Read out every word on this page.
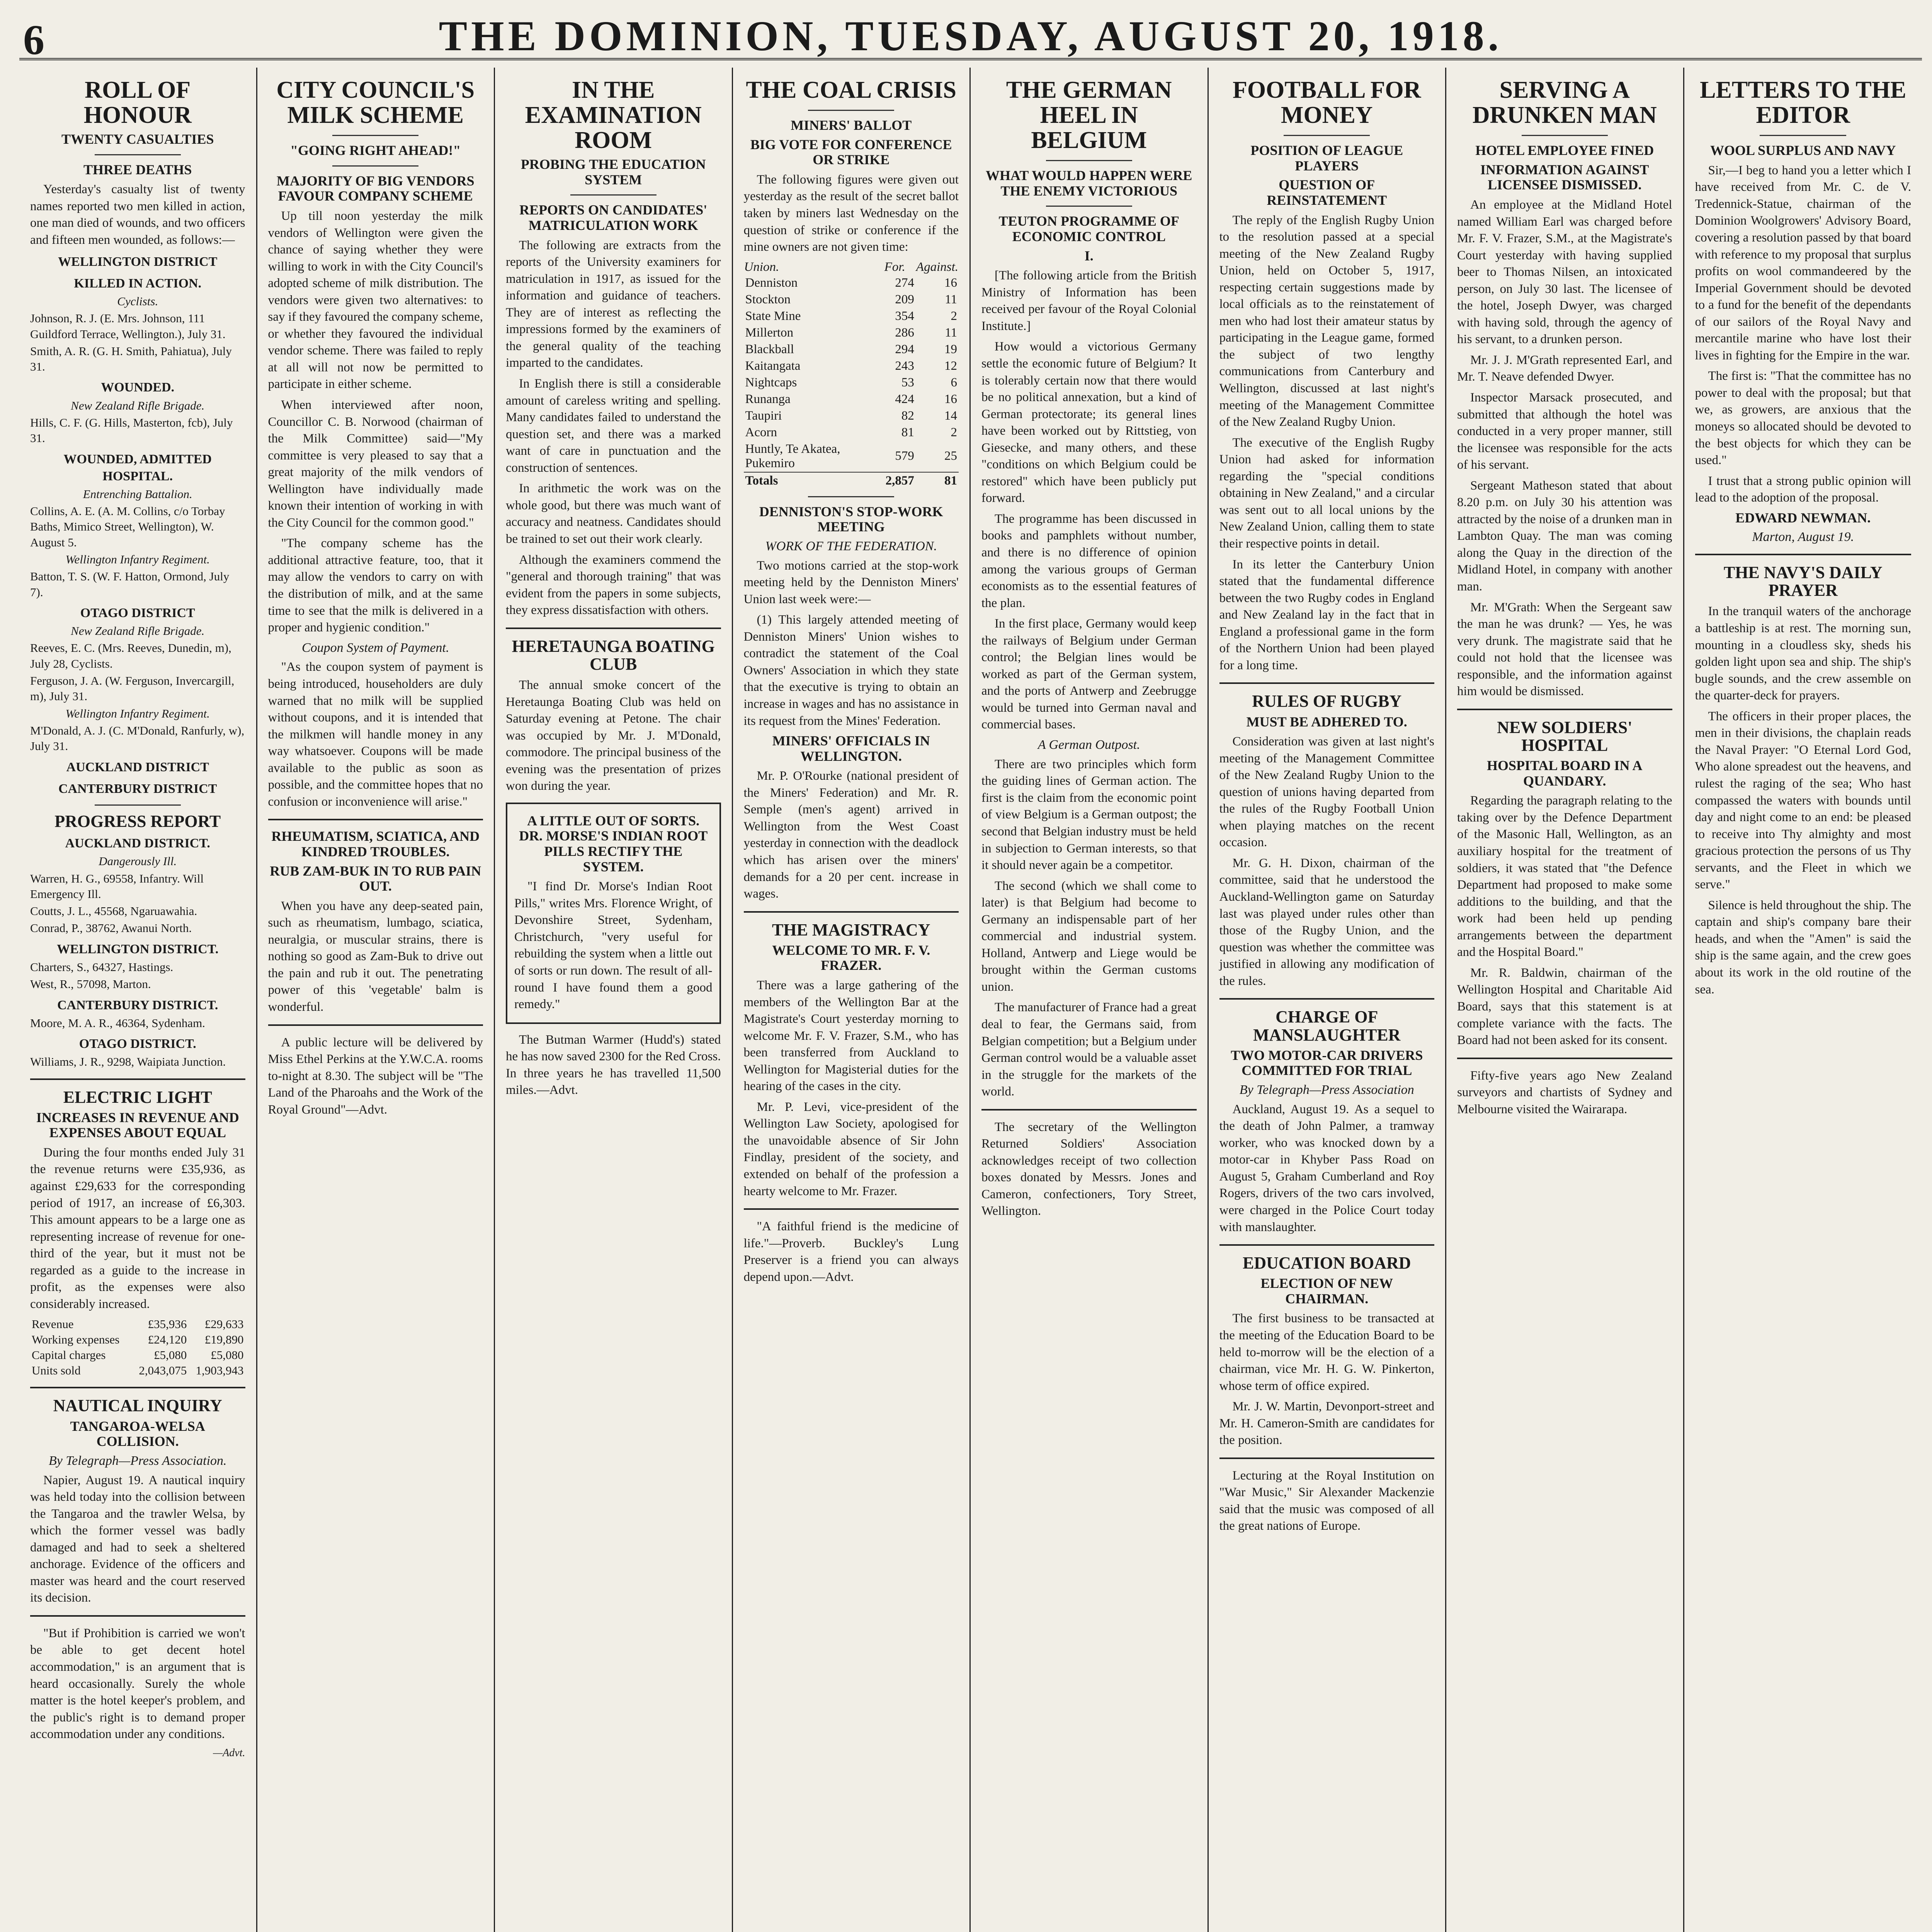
6	THE DOMINION, TUESDAY, AUGUST 20, 1918.
ROLL OF HONOUR
TWENTY CASUALTIES
THREE DEATHS

Yesterday's casualty list of twenty names reported two men killed in action, one man died of wounds, and two officers and fifteen men wounded, as follows:—

WELLINGTON DISTRICT
KILLED IN ACTION.
Cyclists.
Johnson, R. J. (E. Mrs. Johnson, 111 Guildford Terrace, Wellington.), July 31.
Smith, A. R. (G. H. Smith, Pahiatua), July 31.
WOUNDED.
New Zealand Rifle Brigade.
Hills, C. F. (G. Hills, Masterton, fcb), July 31.
WOUNDED, ADMITTED HOSPITAL.
Entrenching Battalion.
Collins, A. E. (A. M. Collins, c/o Torbay Baths, Mimico Street, Wellington), W. August 5.
Wellington Infantry Regiment.
Batton, T. S. (W. F. Hatton, Ormond, July 7).
OTAGO DISTRICT
New Zealand Rifle Brigade.
Reeves, E. C. (Mrs. Reeves, Dunedin, m), July 28, Cyclists.
Ferguson, J. A. (W. Ferguson, Invercargill, m), July 31.
Wellington Infantry Regiment.
M'Donald, A. J. (C. M'Donald, Ranfurly, w), July 31.
AUCKLAND DISTRICT
CANTERBURY DISTRICT
PROGRESS REPORT
AUCKLAND DISTRICT.
Dangerously Ill.
Warren, H. G., 69558, Infantry. Will Emergency Ill.
Coutts, J. L., 45568, Ngaruawahia.
Conrad, P., 38762, Awanui North.
WELLINGTON DISTRICT.
Charters, S., 64327, Hastings.
West, R., 57098, Marton.
CANTERBURY DISTRICT.
Moore, M. A. R., 46364, Sydenham.
OTAGO DISTRICT.
Williams, J. R., 9298, Waipiata Junction.
ELECTRIC LIGHT
INCREASES IN REVENUE AND EXPENSES ABOUT EQUAL

During the four months ended July 31 the revenue returns were £35,936, as against £29,633 for the corresponding period of 1917, an increase of £6,303. This amount appears to be a large one as representing increase of revenue for one-third of the year, but it must not be regarded as a guide to the increase in profit, as the expenses were also considerably increased.

Revenue	£35,936	£29,633
Working expenses	£24,120	£19,890
Capital charges	£5,080	£5,080
Units sold	2,043,075	1,903,943
NAUTICAL INQUIRY
TANGAROA-WELSA COLLISION.
By Telegraph—Press Association.

Napier, August 19. A nautical inquiry was held today into the collision between the Tangaroa and the trawler Welsa, by which the former vessel was badly damaged and had to seek a sheltered anchorage. Evidence of the officers and master was heard and the court reserved its decision.

"But if Prohibition is carried we won't be able to get decent hotel accommodation," is an argument that is heard occasionally. Surely the whole matter is the hotel keeper's problem, and the public's right is to demand proper accommodation under any conditions.

—Advt.
CITY COUNCIL'S MILK SCHEME
"GOING RIGHT AHEAD!"
MAJORITY OF BIG VENDORS FAVOUR COMPANY SCHEME

Up till noon yesterday the milk vendors of Wellington were given the chance of saying whether they were willing to work in with the City Council's adopted scheme of milk distribution. The vendors were given two alternatives: to say if they favoured the company scheme, or whether they favoured the individual vendor scheme. There was failed to reply at all will not now be permitted to participate in either scheme.

When interviewed after noon, Councillor C. B. Norwood (chairman of the Milk Committee) said—"My committee is very pleased to say that a great majority of the milk vendors of Wellington have individually made known their intention of working in with the City Council for the common good."

"The company scheme has the additional attractive feature, too, that it may allow the vendors to carry on with the distribution of milk, and at the same time to see that the milk is delivered in a proper and hygienic condition."

Coupon System of Payment.

"As the coupon system of payment is being introduced, householders are duly warned that no milk will be supplied without coupons, and it is intended that the milkmen will handle money in any way whatsoever. Coupons will be made available to the public as soon as possible, and the committee hopes that no confusion or inconvenience will arise."

RHEUMATISM, SCIATICA, AND KINDRED TROUBLES.
RUB ZAM-BUK IN TO RUB PAIN OUT.

When you have any deep-seated pain, such as rheumatism, lumbago, sciatica, neuralgia, or muscular strains, there is nothing so good as Zam-Buk to drive out the pain and rub it out. The penetrating power of this 'vegetable' balm is wonderful.

A public lecture will be delivered by Miss Ethel Perkins at the Y.W.C.A. rooms to-night at 8.30. The subject will be "The Land of the Pharoahs and the Work of the Royal Ground"—Advt.

IN THE EXAMINATION ROOM
PROBING THE EDUCATION SYSTEM
REPORTS ON CANDIDATES' MATRICULATION WORK

The following are extracts from the reports of the University examiners for matriculation in 1917, as issued for the information and guidance of teachers. They are of interest as reflecting the impressions formed by the examiners of the general quality of the teaching imparted to the candidates.

In English there is still a considerable amount of careless writing and spelling. Many candidates failed to understand the question set, and there was a marked want of care in punctuation and the construction of sentences.

In arithmetic the work was on the whole good, but there was much want of accuracy and neatness. Candidates should be trained to set out their work clearly.

Although the examiners commend the "general and thorough training" that was evident from the papers in some subjects, they express dissatisfaction with others.

HERETAUNGA BOATING CLUB

The annual smoke concert of the Heretaunga Boating Club was held on Saturday evening at Petone. The chair was occupied by Mr. J. M'Donald, commodore. The principal business of the evening was the presentation of prizes won during the year.

A LITTLE OUT OF SORTS. DR. MORSE'S INDIAN ROOT PILLS RECTIFY THE SYSTEM.

"I find Dr. Morse's Indian Root Pills," writes Mrs. Florence Wright, of Devonshire Street, Sydenham, Christchurch, "very useful for rebuilding the system when a little out of sorts or run down. The result of all-round I have found them a good remedy."

The Butman Warmer (Hudd's) stated he has now saved 2300 for the Red Cross. In three years he has travelled 11,500 miles.—Advt.

THE COAL CRISIS
MINERS' BALLOT
BIG VOTE FOR CONFERENCE OR STRIKE

The following figures were given out yesterday as the result of the secret ballot taken by miners last Wednesday on the question of strike or conference if the mine owners are not given time:

Union.	For.	Against.
Denniston	274	16
Stockton	209	11
State Mine	354	2
Millerton	286	11
Blackball	294	19
Kaitangata	243	12
Nightcaps	53	6
Runanga	424	16
Taupiri	82	14
Acorn	81	2
Huntly, Te Akatea, Pukemiro	579	25
Totals	2,857	81
DENNISTON'S STOP-WORK MEETING
WORK OF THE FEDERATION.

Two motions carried at the stop-work meeting held by the Denniston Miners' Union last week were:—

(1) This largely attended meeting of Denniston Miners' Union wishes to contradict the statement of the Coal Owners' Association in which they state that the executive is trying to obtain an increase in wages and has no assistance in its request from the Mines' Federation.

MINERS' OFFICIALS IN WELLINGTON.

Mr. P. O'Rourke (national president of the Miners' Federation) and Mr. R. Semple (men's agent) arrived in Wellington from the West Coast yesterday in connection with the deadlock which has arisen over the miners' demands for a 20 per cent. increase in wages.

THE MAGISTRACY
WELCOME TO MR. F. V. FRAZER.

There was a large gathering of the members of the Wellington Bar at the Magistrate's Court yesterday morning to welcome Mr. F. V. Frazer, S.M., who has been transferred from Auckland to Wellington for Magisterial duties for the hearing of the cases in the city.

Mr. P. Levi, vice-president of the Wellington Law Society, apologised for the unavoidable absence of Sir John Findlay, president of the society, and extended on behalf of the profession a hearty welcome to Mr. Frazer.

"A faithful friend is the medicine of life."—Proverb. Buckley's Lung Preserver is a friend you can always depend upon.—Advt.

THE GERMAN HEEL IN BELGIUM
WHAT WOULD HAPPEN WERE THE ENEMY VICTORIOUS
TEUTON PROGRAMME OF ECONOMIC CONTROL
I.

[The following article from the British Ministry of Information has been received per favour of the Royal Colonial Institute.]

How would a victorious Germany settle the economic future of Belgium? It is tolerably certain now that there would be no political annexation, but a kind of German protectorate; its general lines have been worked out by Rittstieg, von Giesecke, and many others, and these "conditions on which Belgium could be restored" which have been publicly put forward.

The programme has been discussed in books and pamphlets without number, and there is no difference of opinion among the various groups of German economists as to the essential features of the plan.

In the first place, Germany would keep the railways of Belgium under German control; the Belgian lines would be worked as part of the German system, and the ports of Antwerp and Zeebrugge would be turned into German naval and commercial bases.

A German Outpost.

There are two principles which form the guiding lines of German action. The first is the claim from the economic point of view Belgium is a German outpost; the second that Belgian industry must be held in subjection to German interests, so that it should never again be a competitor.

The second (which we shall come to later) is that Belgium had become to Germany an indispensable part of her commercial and industrial system. Holland, Antwerp and Liege would be brought within the German customs union.

The manufacturer of France had a great deal to fear, the Germans said, from Belgian competition; but a Belgium under German control would be a valuable asset in the struggle for the markets of the world.

The secretary of the Wellington Returned Soldiers' Association acknowledges receipt of two collection boxes donated by Messrs. Jones and Cameron, confectioners, Tory Street, Wellington.

FOOTBALL FOR MONEY
POSITION OF LEAGUE PLAYERS
QUESTION OF REINSTATEMENT

The reply of the English Rugby Union to the resolution passed at a special meeting of the New Zealand Rugby Union, held on October 5, 1917, respecting certain suggestions made by local officials as to the reinstatement of men who had lost their amateur status by participating in the League game, formed the subject of two lengthy communications from Canterbury and Wellington, discussed at last night's meeting of the Management Committee of the New Zealand Rugby Union.

The executive of the English Rugby Union had asked for information regarding the "special conditions obtaining in New Zealand," and a circular was sent out to all local unions by the New Zealand Union, calling them to state their respective points in detail.

In its letter the Canterbury Union stated that the fundamental difference between the two Rugby codes in England and New Zealand lay in the fact that in England a professional game in the form of the Northern Union had been played for a long time.

RULES OF RUGBY
MUST BE ADHERED TO.

Consideration was given at last night's meeting of the Management Committee of the New Zealand Rugby Union to the question of unions having departed from the rules of the Rugby Football Union when playing matches on the recent occasion.

Mr. G. H. Dixon, chairman of the committee, said that he understood the Auckland-Wellington game on Saturday last was played under rules other than those of the Rugby Union, and the question was whether the committee was justified in allowing any modification of the rules.

CHARGE OF MANSLAUGHTER
TWO MOTOR-CAR DRIVERS COMMITTED FOR TRIAL
By Telegraph—Press Association

Auckland, August 19. As a sequel to the death of John Palmer, a tramway worker, who was knocked down by a motor-car in Khyber Pass Road on August 5, Graham Cumberland and Roy Rogers, drivers of the two cars involved, were charged in the Police Court today with manslaughter.

EDUCATION BOARD
ELECTION OF NEW CHAIRMAN.

The first business to be transacted at the meeting of the Education Board to be held to-morrow will be the election of a chairman, vice Mr. H. G. W. Pinkerton, whose term of office expired.

Mr. J. W. Martin, Devonport-street and Mr. H. Cameron-Smith are candidates for the position.

Lecturing at the Royal Institution on "War Music," Sir Alexander Mackenzie said that the music was composed of all the great nations of Europe.

SERVING A DRUNKEN MAN
HOTEL EMPLOYEE FINED
INFORMATION AGAINST LICENSEE DISMISSED.

An employee at the Midland Hotel named William Earl was charged before Mr. F. V. Frazer, S.M., at the Magistrate's Court yesterday with having supplied beer to Thomas Nilsen, an intoxicated person, on July 30 last. The licensee of the hotel, Joseph Dwyer, was charged with having sold, through the agency of his servant, to a drunken person.

Mr. J. J. M'Grath represented Earl, and Mr. T. Neave defended Dwyer.

Inspector Marsack prosecuted, and submitted that although the hotel was conducted in a very proper manner, still the licensee was responsible for the acts of his servant.

Sergeant Matheson stated that about 8.20 p.m. on July 30 his attention was attracted by the noise of a drunken man in Lambton Quay. The man was coming along the Quay in the direction of the Midland Hotel, in company with another man.

Mr. M'Grath: When the Sergeant saw the man he was drunk? — Yes, he was very drunk. The magistrate said that he could not hold that the licensee was responsible, and the information against him would be dismissed.

NEW SOLDIERS' HOSPITAL
HOSPITAL BOARD IN A QUANDARY.

Regarding the paragraph relating to the taking over by the Defence Department of the Masonic Hall, Wellington, as an auxiliary hospital for the treatment of soldiers, it was stated that "the Defence Department had proposed to make some additions to the building, and that the work had been held up pending arrangements between the department and the Hospital Board."

Mr. R. Baldwin, chairman of the Wellington Hospital and Charitable Aid Board, says that this statement is at complete variance with the facts. The Board had not been asked for its consent.

Fifty-five years ago New Zealand surveyors and chartists of Sydney and Melbourne visited the Wairarapa.

LETTERS TO THE EDITOR
WOOL SURPLUS AND NAVY

Sir,—I beg to hand you a letter which I have received from Mr. C. de V. Tredennick-Statue, chairman of the Dominion Woolgrowers' Advisory Board, covering a resolution passed by that board with reference to my proposal that surplus profits on wool commandeered by the Imperial Government should be devoted to a fund for the benefit of the dependants of our sailors of the Royal Navy and mercantile marine who have lost their lives in fighting for the Empire in the war.

The first is: "That the committee has no power to deal with the proposal; but that we, as growers, are anxious that the moneys so allocated should be devoted to the best objects for which they can be used."

I trust that a strong public opinion will lead to the adoption of the proposal.

EDWARD NEWMAN.
Marton, August 19.
THE NAVY'S DAILY PRAYER

In the tranquil waters of the anchorage a battleship is at rest. The morning sun, mounting in a cloudless sky, sheds his golden light upon sea and ship. The ship's bugle sounds, and the crew assemble on the quarter-deck for prayers.

The officers in their proper places, the men in their divisions, the chaplain reads the Naval Prayer: "O Eternal Lord God, Who alone spreadest out the heavens, and rulest the raging of the sea; Who hast compassed the waters with bounds until day and night come to an end: be pleased to receive into Thy almighty and most gracious protection the persons of us Thy servants, and the Fleet in which we serve."

Silence is held throughout the ship. The captain and ship's company bare their heads, and when the "Amen" is said the ship is the same again, and the crew goes about its work in the old routine of the sea.
